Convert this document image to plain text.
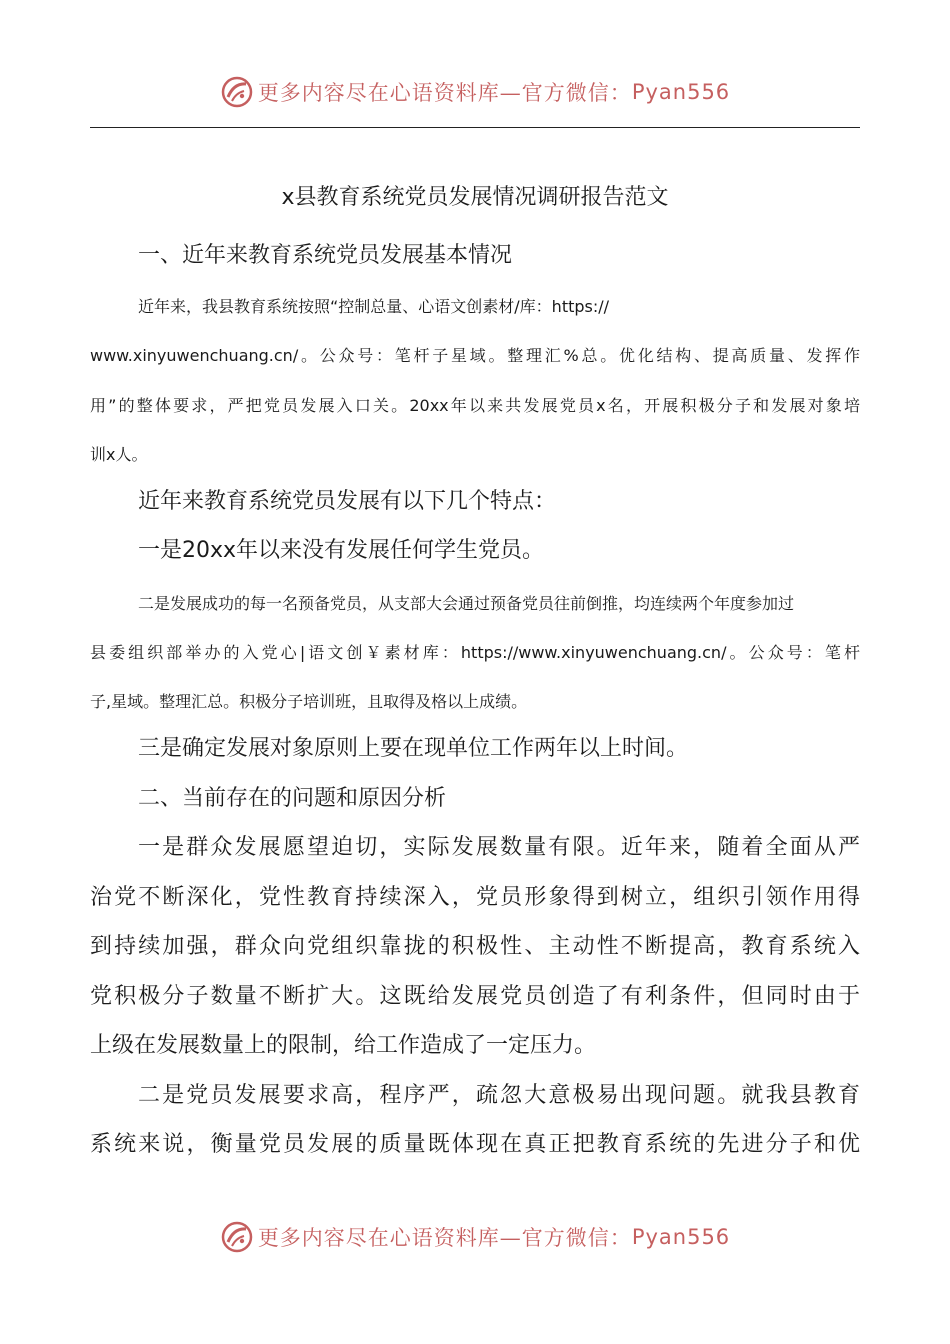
更多内容尽在心语资料库—官方微信： Pyan556
x县教育系统党员发展情况调研报告范文
一、近年来教育系统党员发展基本情况
近年来，我县教育系统按照“控制总量、心语文创素材/库：https://
www.xinyuwenchuang.cn/。公众号：笔杆子星域。整理汇%总。优化结构、提高质量、发挥作
用”的整体要求，严把党员发展入口关。20xx年以来共发展党员x名，开展积极分子和发展对象培
训x人。
近年来教育系统党员发展有以下几个特点：
一是20xx年以来没有发展任何学生党员。
二是发展成功的每一名预备党员，从支部大会通过预备党员往前倒推，均连续两个年度参加过
县委组织部举办的入党心|语文创￥素材库：https://www.xinyuwenchuang.cn/。公众号：笔杆
子,星域。整理汇总。积极分子培训班，且取得及格以上成绩。
三是确定发展对象原则上要在现单位工作两年以上时间。
二、当前存在的问题和原因分析
一是群众发展愿望迫切，实际发展数量有限。近年来，随着全面从严
治党不断深化，党性教育持续深入，党员形象得到树立，组织引领作用得
到持续加强，群众向党组织靠拢的积极性、主动性不断提高，教育系统入
党积极分子数量不断扩大。这既给发展党员创造了有利条件，但同时由于
上级在发展数量上的限制，给工作造成了一定压力。
二是党员发展要求高，程序严，疏忽大意极易出现问题。就我县教育
系统来说，衡量党员发展的质量既体现在真正把教育系统的先进分子和优
更多内容尽在心语资料库—官方微信： Pyan556
